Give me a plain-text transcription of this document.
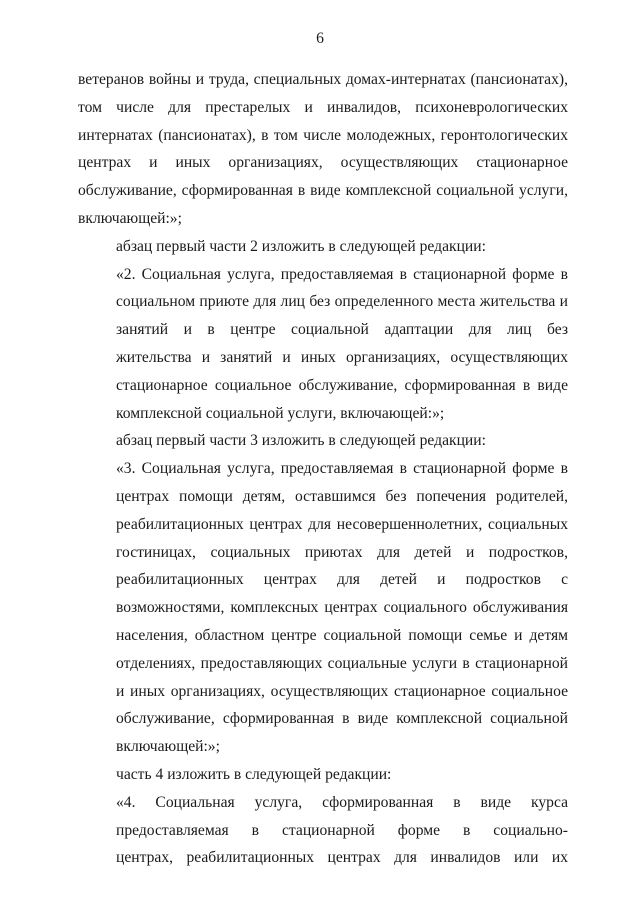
6
ветеранов войны и труда, специальных домах-интернатах (пансионатах),
том числе для престарелых и инвалидов, психоневрологических
интернатах (пансионатах), в том числе молодежных, геронтологических
центрах и иных организациях, осуществляющих стационарное
обслуживание, сформированная в виде комплексной социальной услуги,
включающей:»;
абзац первый части 2 изложить в следующей редакции:
«2. Социальная услуга, предоставляемая в стационарной форме в
социальном приюте для лиц без определенного места жительства и
занятий и в центре социальной адаптации для лиц без
жительства и занятий и иных организациях, осуществляющих
стационарное социальное обслуживание, сформированная в виде
комплексной социальной услуги, включающей:»;
абзац первый части 3 изложить в следующей редакции:
«3. Социальная услуга, предоставляемая в стационарной форме в
центрах помощи детям, оставшимся без попечения родителей,
реабилитационных центрах для несовершеннолетних, социальных
гостиницах, социальных приютах для детей и подростков,
реабилитационных центрах для детей и подростков с
возможностями, комплексных центрах социального обслуживания
населения, областном центре социальной помощи семье и детям
отделениях, предоставляющих социальные услуги в стационарной
и иных организациях, осуществляющих стационарное социальное
обслуживание, сформированная в виде комплексной социальной
включающей:»;
часть 4 изложить в следующей редакции:
«4. Социальная услуга, сформированная в виде курса
предоставляемая в стационарной форме в социально-
центрах, реабилитационных центрах для инвалидов или их
